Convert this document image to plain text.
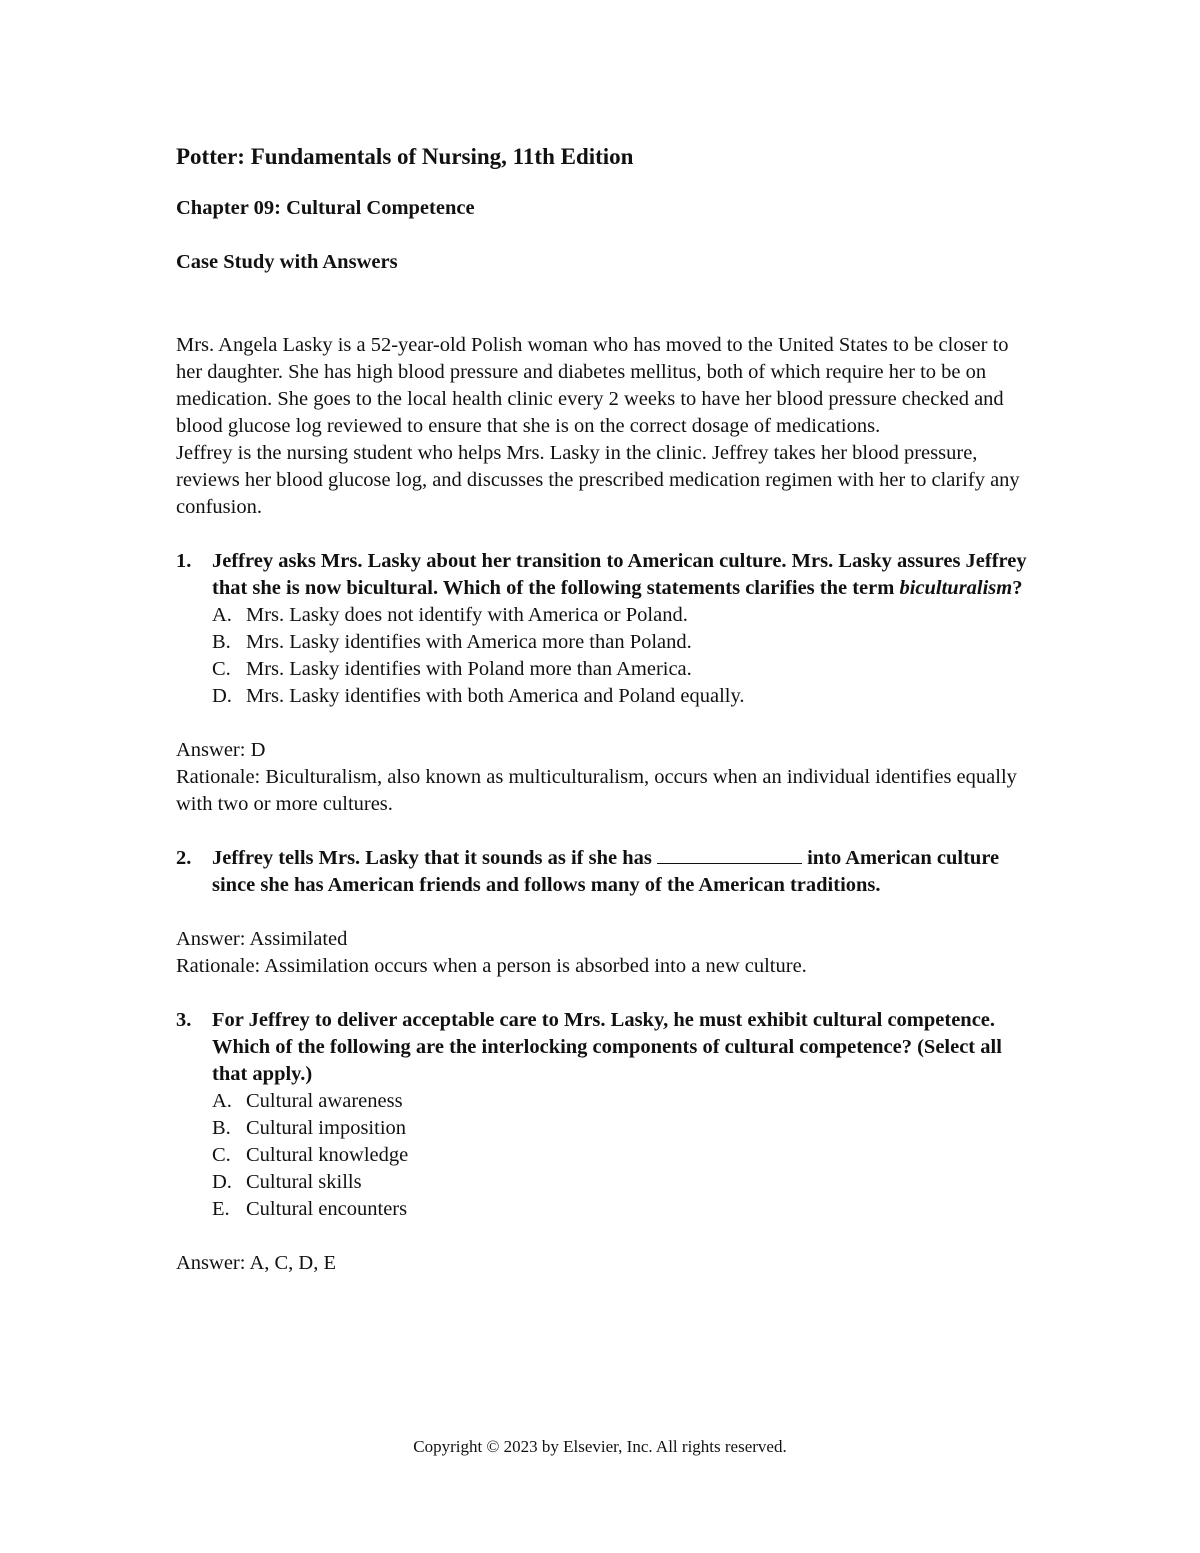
Potter: Fundamentals of Nursing, 11th Edition

Chapter 09: Cultural Competence

Case Study with Answers

Mrs. Angela Lasky is a 52-year-old Polish woman who has moved to the United States to be closer to her daughter. She has high blood pressure and diabetes mellitus, both of which require her to be on medication. She goes to the local health clinic every 2 weeks to have her blood pressure checked and blood glucose log reviewed to ensure that she is on the correct dosage of medications.

Jeffrey is the nursing student who helps Mrs. Lasky in the clinic. Jeffrey takes her blood pressure, reviews her blood glucose log, and discusses the prescribed medication regimen with her to clarify any confusion.

1.	Jeffrey asks Mrs. Lasky about her transition to American culture. Mrs. Lasky assures Jeffrey that she is now bicultural. Which of the following statements clarifies the term biculturalism?
A. Mrs. Lasky does not identify with America or Poland.
B. Mrs. Lasky identifies with America more than Poland.
C. Mrs. Lasky identifies with Poland more than America.
D. Mrs. Lasky identifies with both America and Poland equally.

Answer: D

Rationale: Biculturalism, also known as multiculturalism, occurs when an individual identifies equally with two or more cultures.

2.	Jeffrey tells Mrs. Lasky that it sounds as if she has	into American culture since she has American friends and follows many of the American traditions.

Answer: Assimilated

Rationale: Assimilation occurs when a person is absorbed into a new culture.

3.	For Jeffrey to deliver acceptable care to Mrs. Lasky, he must exhibit cultural competence. Which of the following are the interlocking components of cultural competence? (Select all that apply.)
A. Cultural awareness
B. Cultural imposition
C. Cultural knowledge
D. Cultural skills
E. Cultural encounters

Answer: A, C, D, E

Copyright © 2023 by Elsevier, Inc. All rights reserved.
